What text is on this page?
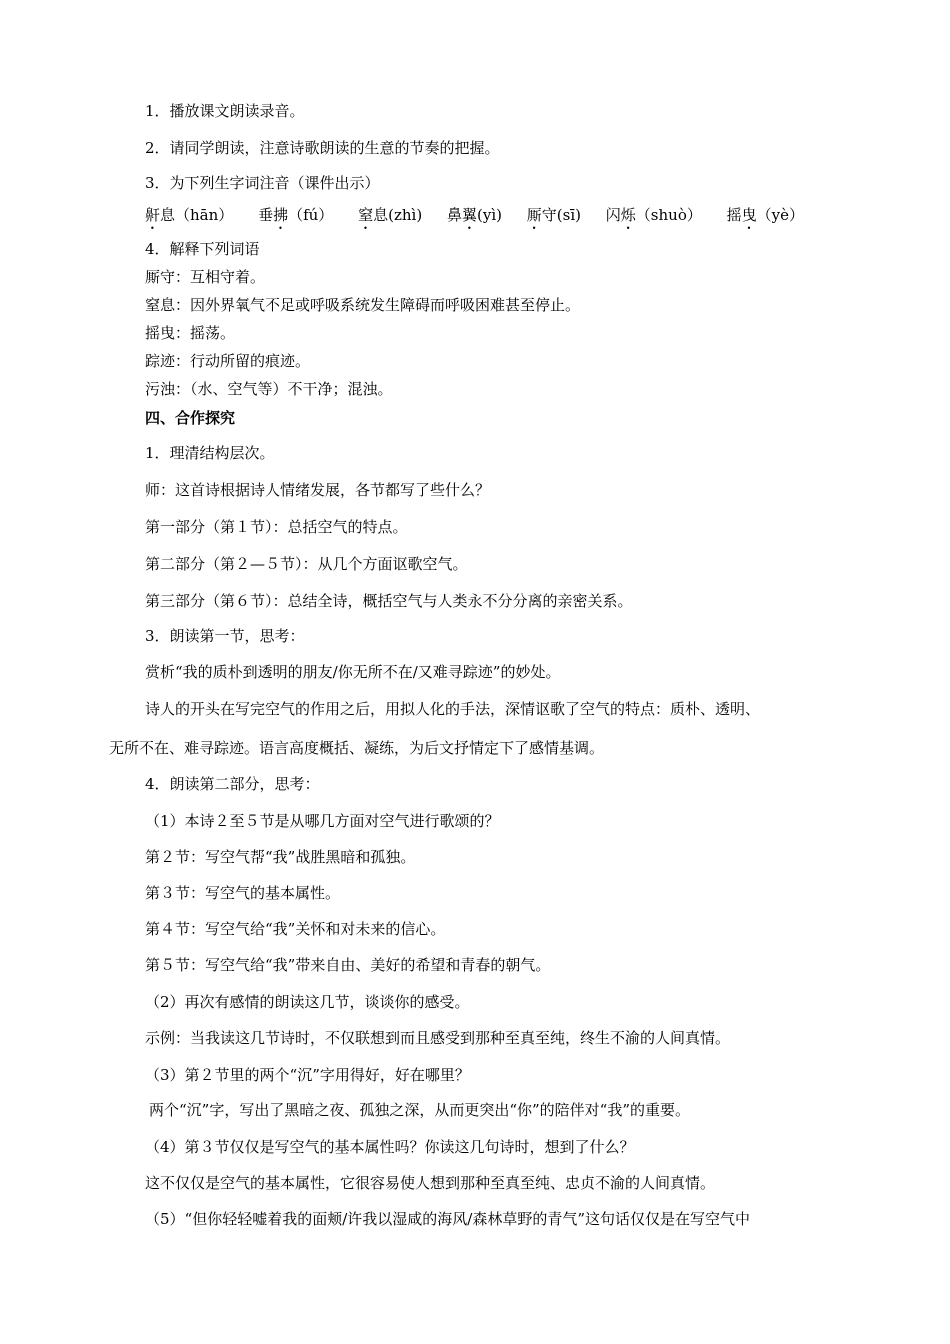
1．播放课文朗读录音。
2．请同学朗读，注意诗歌朗读的生意的节奏的把握。
3．为下列生字词注音（课件出示）
鼾息（hān） 垂拂（fú） 窒息(zhì) 鼻翼(yì) 厮守(sī) 闪烁（shuò） 摇曳（yè）
4．解释下列词语
厮守：互相守着。
窒息：因外界氧气不足或呼吸系统发生障碍而呼吸困难甚至停止。
摇曳：摇荡。
踪迹：行动所留的痕迹。
污浊：（水、空气等）不干净；混浊。
四、合作探究
1．理清结构层次。
师：这首诗根据诗人情绪发展，各节都写了些什么？
第一部分（第１节）：总括空气的特点。
第二部分（第２—５节）：从几个方面讴歌空气。
第三部分（第６节）：总结全诗，概括空气与人类永不分分离的亲密关系。
3．朗读第一节，思考：
赏析“我的质朴到透明的朋友/你无所不在/又难寻踪迹”的妙处。
诗人的开头在写完空气的作用之后，用拟人化的手法，深情讴歌了空气的特点：质朴、透明、
无所不在、难寻踪迹。语言高度概括、凝练，为后文抒情定下了感情基调。
4．朗读第二部分，思考：
（1）本诗２至５节是从哪几方面对空气进行歌颂的？
第２节：写空气帮“我”战胜黑暗和孤独。
第３节：写空气的基本属性。
第４节：写空气给“我”关怀和对未来的信心。
第５节：写空气给“我”带来自由、美好的希望和青春的朝气。
（2）再次有感情的朗读这几节，谈谈你的感受。
示例：当我读这几节诗时，不仅联想到而且感受到那种至真至纯，终生不渝的人间真情。
（3）第２节里的两个“沉”字用得好，好在哪里？
两个“沉”字，写出了黑暗之夜、孤独之深，从而更突出“你”的陪伴对“我”的重要。
（4）第３节仅仅是写空气的基本属性吗？你读这几句诗时，想到了什么？
这不仅仅是空气的基本属性，它很容易使人想到那种至真至纯、忠贞不渝的人间真情。
（5）“但你轻轻嘘着我的面颊/许我以湿咸的海风/森林草野的青气”这句话仅仅是在写空气中
